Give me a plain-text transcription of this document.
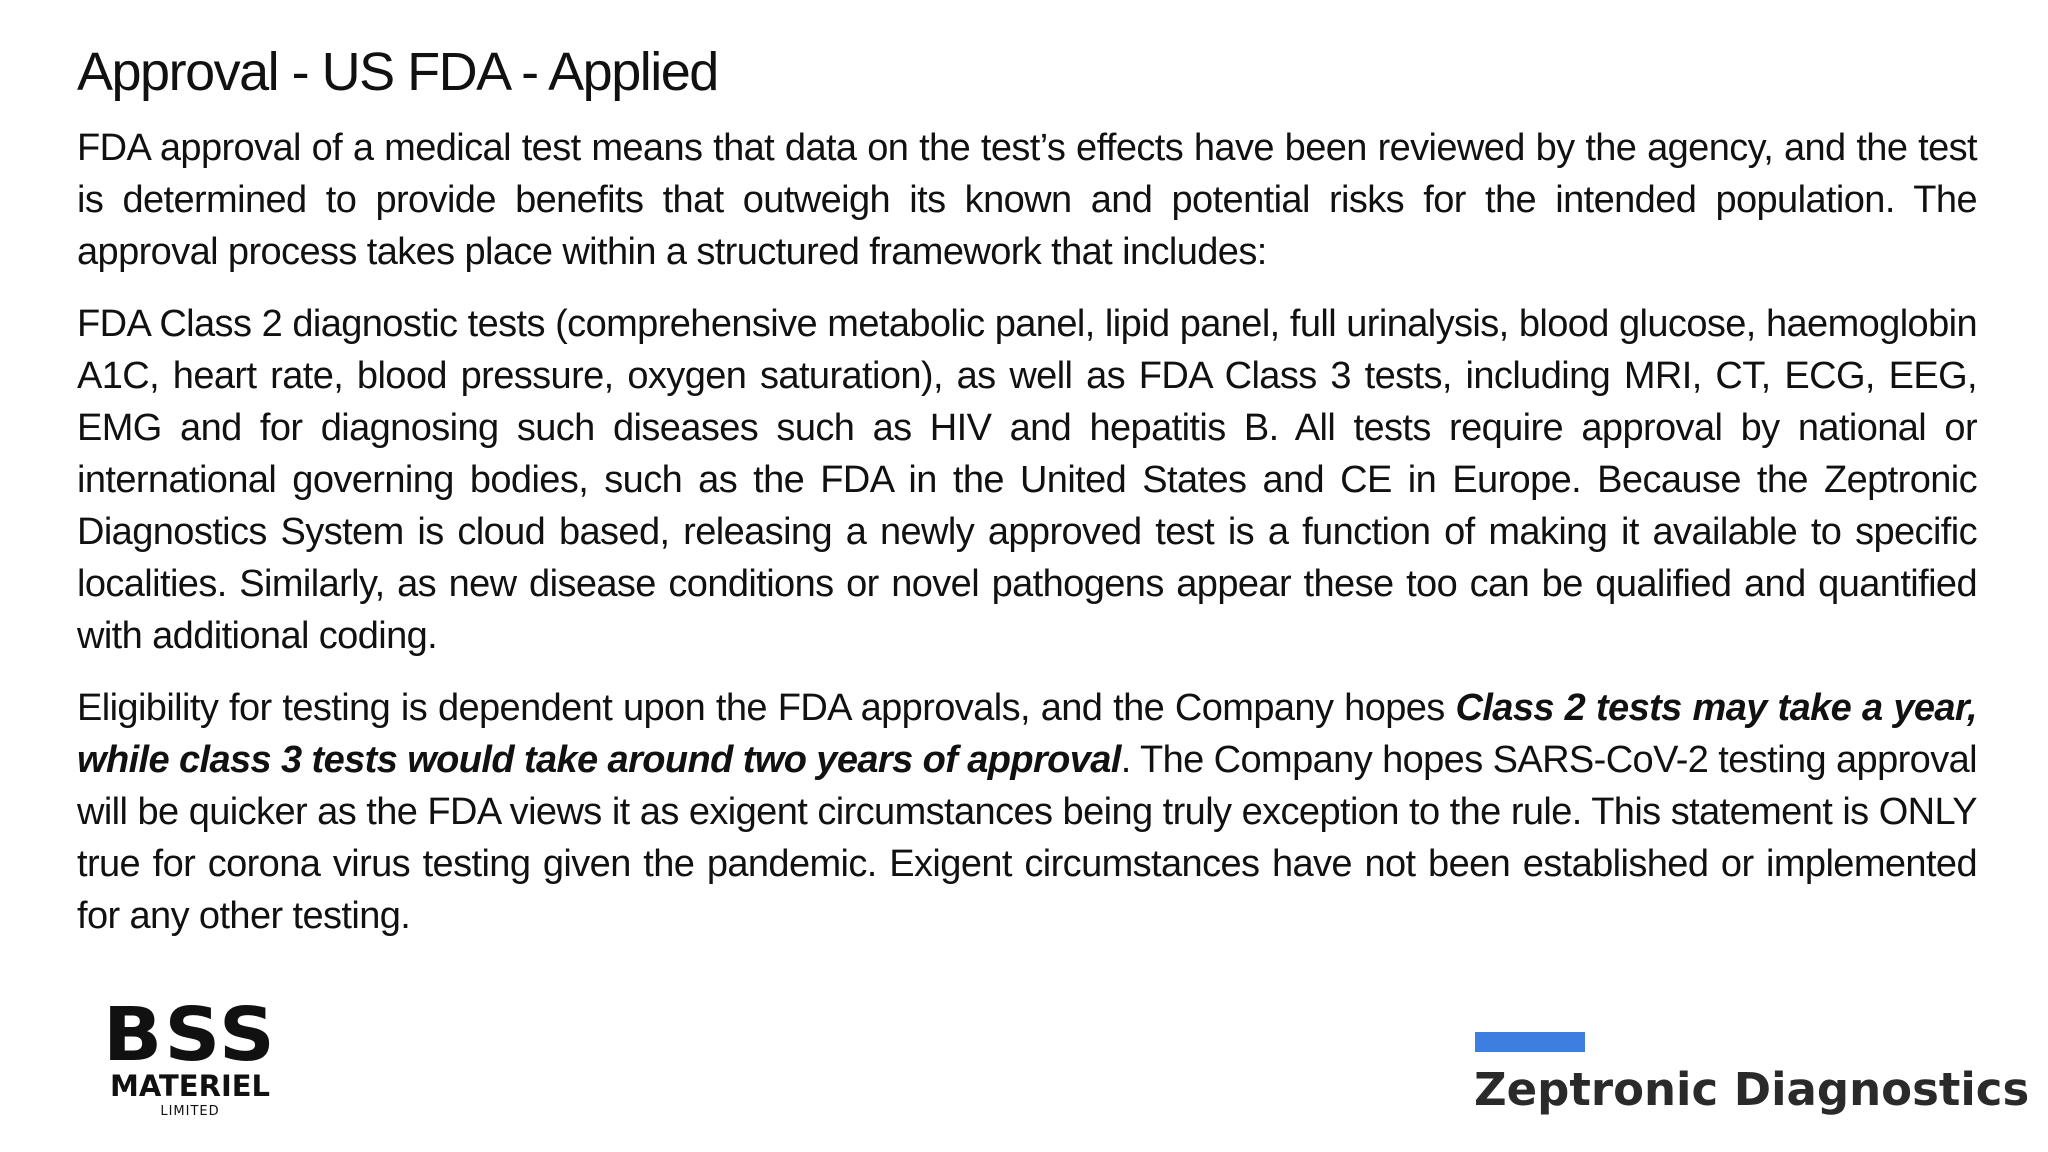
Approval - US FDA - Applied

FDA approval of a medical test means that data on the test’s effects have been reviewed by the agency, and the test is determined to provide benefits that outweigh its known and potential risks for the intended population. The approval process takes place within a structured framework that includes:

FDA Class 2 diagnostic tests (comprehensive metabolic panel, lipid panel, full urinalysis, blood glucose, haemoglobin A1C, heart rate, blood pressure, oxygen saturation), as well as FDA Class 3 tests, including MRI, CT, ECG, EEG, EMG and for diagnosing such diseases such as HIV and hepatitis B. All tests require approval by national or international governing bodies, such as the FDA in the United States and CE in Europe. Because the Zeptronic Diagnostics System is cloud based, releasing a newly approved test is a function of making it available to specific localities. Similarly, as new disease conditions or novel pathogens appear these too can be qualified and quantified with additional coding.

Eligibility for testing is dependent upon the FDA approvals, and the Company hopes Class 2 tests may take a year, while class 3 tests would take around two years of approval. The Company hopes SARS-CoV-2 testing approval will be quicker as the FDA views it as exigent circumstances being truly exception to the rule. This statement is ONLY true for corona virus testing given the pandemic. Exigent circumstances have not been established or implemented for any other testing.

BSS
MATERIEL
LIMITED	Zeptronic Diagnostics
